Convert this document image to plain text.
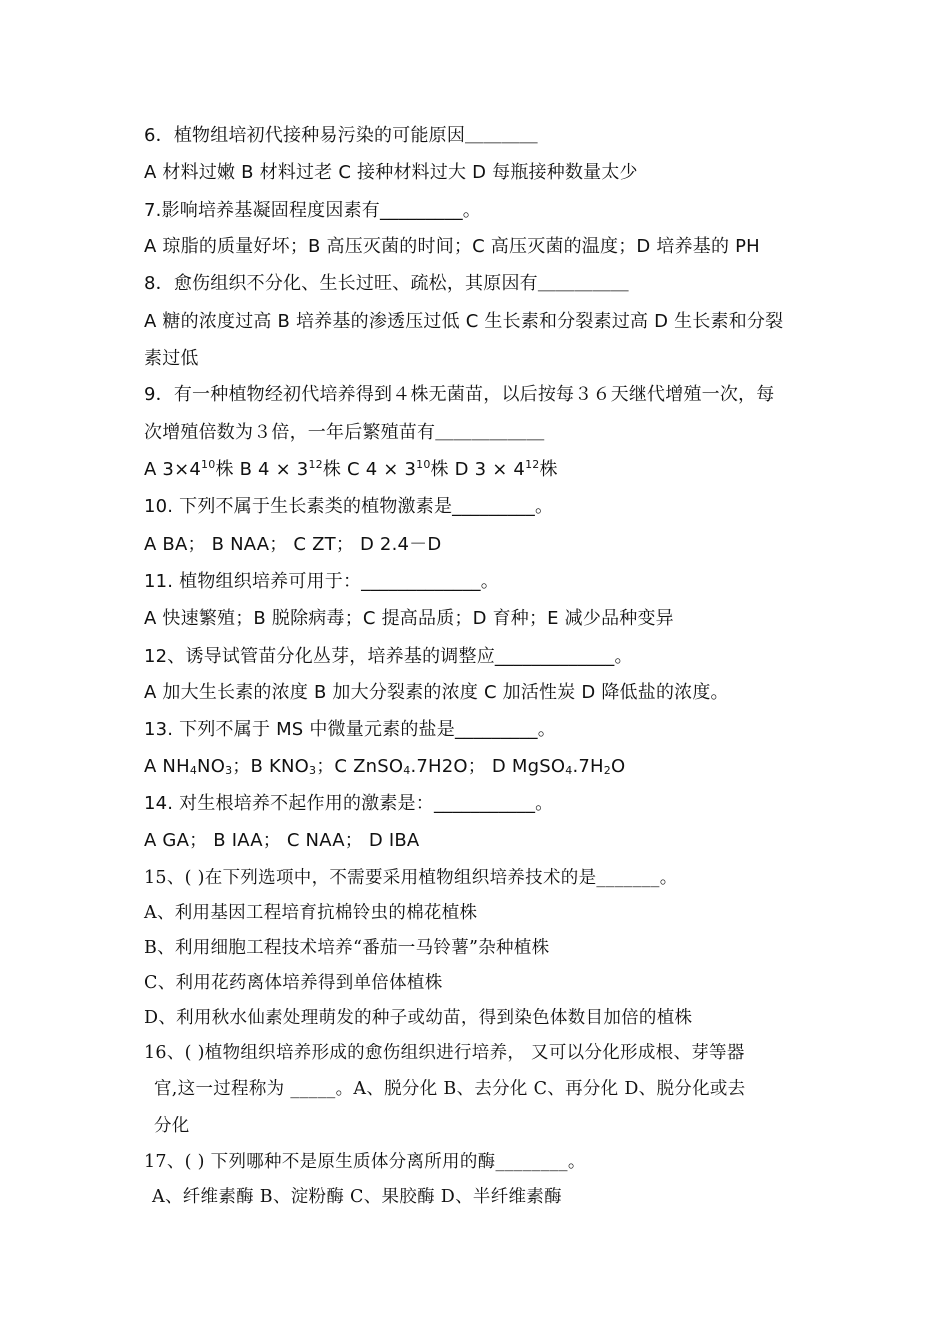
6．植物组培初代接种易污染的可能原因＿＿＿＿
A 材料过嫩 B 材料过老 C 接种材料过大 D 每瓶接种数量太少
7.影响培养基凝固程度因素有_________。
A 琼脂的质量好坏；B 高压灭菌的时间；C 高压灭菌的温度；D 培养基的 PH
8．愈伤组织不分化、生长过旺、疏松，其原因有＿＿＿＿＿
A 糖的浓度过高 B 培养基的渗透压过低 C 生长素和分裂素过高 D 生长素和分裂
素过低
9．有一种植物经初代培养得到４株无菌苗，以后按每３６天继代增殖一次，每
次增殖倍数为３倍，一年后繁殖苗有＿＿＿＿＿＿
A $3\times 4^{10}$株 B $4 \times 3^{12}$株 C $4 \times 3^{10}$株 D $3 \times 4^{12}$株
10. 下列不属于生长素类的植物激素是_________。
A BA； B NAA； C ZT； D 2.4－D
11. 植物组织培养可用于：_____________。
A 快速繁殖；B 脱除病毒；C 提高品质；D 育种；E 减少品种变异
12、诱导试管苗分化丛芽，培养基的调整应_____________。
A 加大生长素的浓度 B 加大分裂素的浓度 C 加活性炭 D 降低盐的浓度。
13. 下列不属于 MS 中微量元素的盐是_________。
A $NH_4NO_3$；B $KNO_3$；C ZnSO$_4$.7H2O； D $MgSO_4.7H_2O$
14. 对生根培养不起作用的激素是：___________。
A GA； B IAA； C NAA； D IBA
15、( )在下列选项中，不需要采用植物组织培养技术的是_______。
A、利用基因工程培育抗棉铃虫的棉花植株
B、利用细胞工程技术培养“番茄一马铃薯”杂种植株
C、利用花药离体培养得到单倍体植株
D、利用秋水仙素处理萌发的种子或幼苗，得到染色体数目加倍的植株
16、( )植物组织培养形成的愈伤组织进行培养， 又可以分化形成根、芽等器
官,这一过程称为 _____。A、脱分化 B、去分化 C、再分化 D、脱分化或去
分化
17、( ) 下列哪种不是原生质体分离所用的酶________。
A、纤维素酶 B、淀粉酶 C、果胶酶 D、半纤维素酶
